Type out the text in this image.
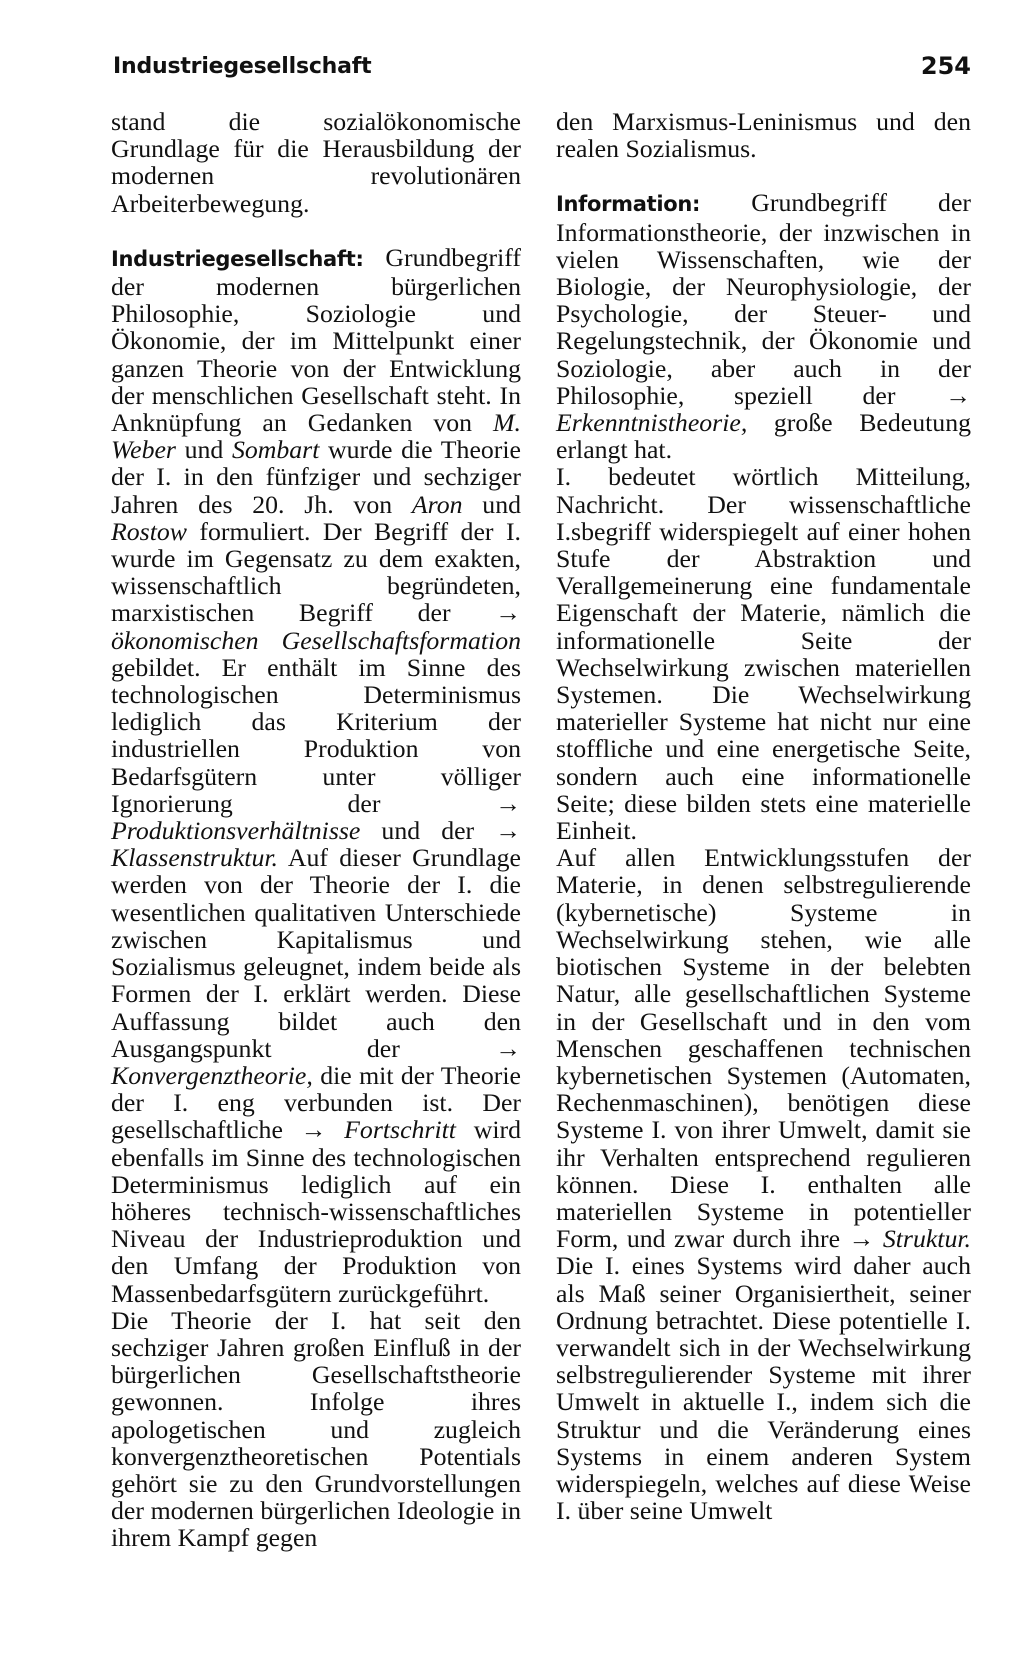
Industriegesellschaft	254

stand die sozialökonomische Grundlage für die Herausbildung der modernen revolutionären Arbeiterbewegung.

Industriegesellschaft: Grundbegriff der modernen bürgerlichen Philosophie, Soziologie und Ökonomie, der im Mittelpunkt einer ganzen Theorie von der Entwicklung der menschlichen Gesellschaft steht. In Anknüpfung an Gedanken von M. Weber und Sombart wurde die Theorie der I. in den fünfziger und sechziger Jahren des 20. Jh. von Aron und Rostow formuliert. Der Begriff der I. wurde im Gegensatz zu dem exakten, wissenschaftlich begründeten, marxistischen Begriff der → ökonomischen Gesellschaftsformation gebildet. Er enthält im Sinne des technologischen Determinismus lediglich das Kriterium der industriellen Produktion von Bedarfsgütern unter völliger Ignorierung der → Produktionsverhältnisse und der → Klassenstruktur. Auf dieser Grundlage werden von der Theorie der I. die wesentlichen qualitativen Unterschiede zwischen Kapitalismus und Sozialismus geleugnet, indem beide als Formen der I. erklärt werden. Diese Auffassung bildet auch den Ausgangspunkt der → Konvergenztheorie, die mit der Theorie der I. eng verbunden ist. Der gesellschaftliche → Fortschritt wird ebenfalls im Sinne des technologischen Determinismus lediglich auf ein höheres technisch-wissenschaftliches Niveau der Industrieproduktion und den Umfang der Produktion von Massenbedarfsgütern zurückgeführt.

Die Theorie der I. hat seit den sechziger Jahren großen Einfluß in der bürgerlichen Gesellschaftstheorie gewonnen. Infolge ihres apologetischen und zugleich konvergenztheoretischen Potentials gehört sie zu den Grundvorstellungen der modernen bürgerlichen Ideologie in ihrem Kampf gegen

den Marxismus-Leninismus und den realen Sozialismus.

Information: Grundbegriff der Informationstheorie, der inzwischen in vielen Wissenschaften, wie der Biologie, der Neurophysiologie, der Psychologie, der Steuer- und Regelungstechnik, der Ökonomie und Soziologie, aber auch in der Philosophie, speziell der → Erkenntnistheorie, große Bedeutung erlangt hat.

I. bedeutet wörtlich Mitteilung, Nachricht. Der wissenschaftliche I.sbegriff widerspiegelt auf einer hohen Stufe der Abstraktion und Verallgemeinerung eine fundamentale Eigenschaft der Materie, nämlich die informationelle Seite der Wechselwirkung zwischen materiellen Systemen. Die Wechselwirkung materieller Systeme hat nicht nur eine stoffliche und eine energetische Seite, sondern auch eine informationelle Seite; diese bilden stets eine materielle Einheit.

Auf allen Entwicklungsstufen der Materie, in denen selbstregulierende (kybernetische) Systeme in Wechselwirkung stehen, wie alle biotischen Systeme in der belebten Natur, alle gesellschaftlichen Systeme in der Gesellschaft und in den vom Menschen geschaffenen technischen kybernetischen Systemen (Automaten, Rechenmaschinen), benötigen diese Systeme I. von ihrer Umwelt, damit sie ihr Verhalten entsprechend regulieren können. Diese I. enthalten alle materiellen Systeme in potentieller Form, und zwar durch ihre → Struktur. Die I. eines Systems wird daher auch als Maß seiner Organisiertheit, seiner Ordnung betrachtet. Diese potentielle I. verwandelt sich in der Wechselwirkung selbstregulierender Systeme mit ihrer Umwelt in aktuelle I., indem sich die Struktur und die Veränderung eines Systems in einem anderen System widerspiegeln, welches auf diese Weise I. über seine Umwelt
